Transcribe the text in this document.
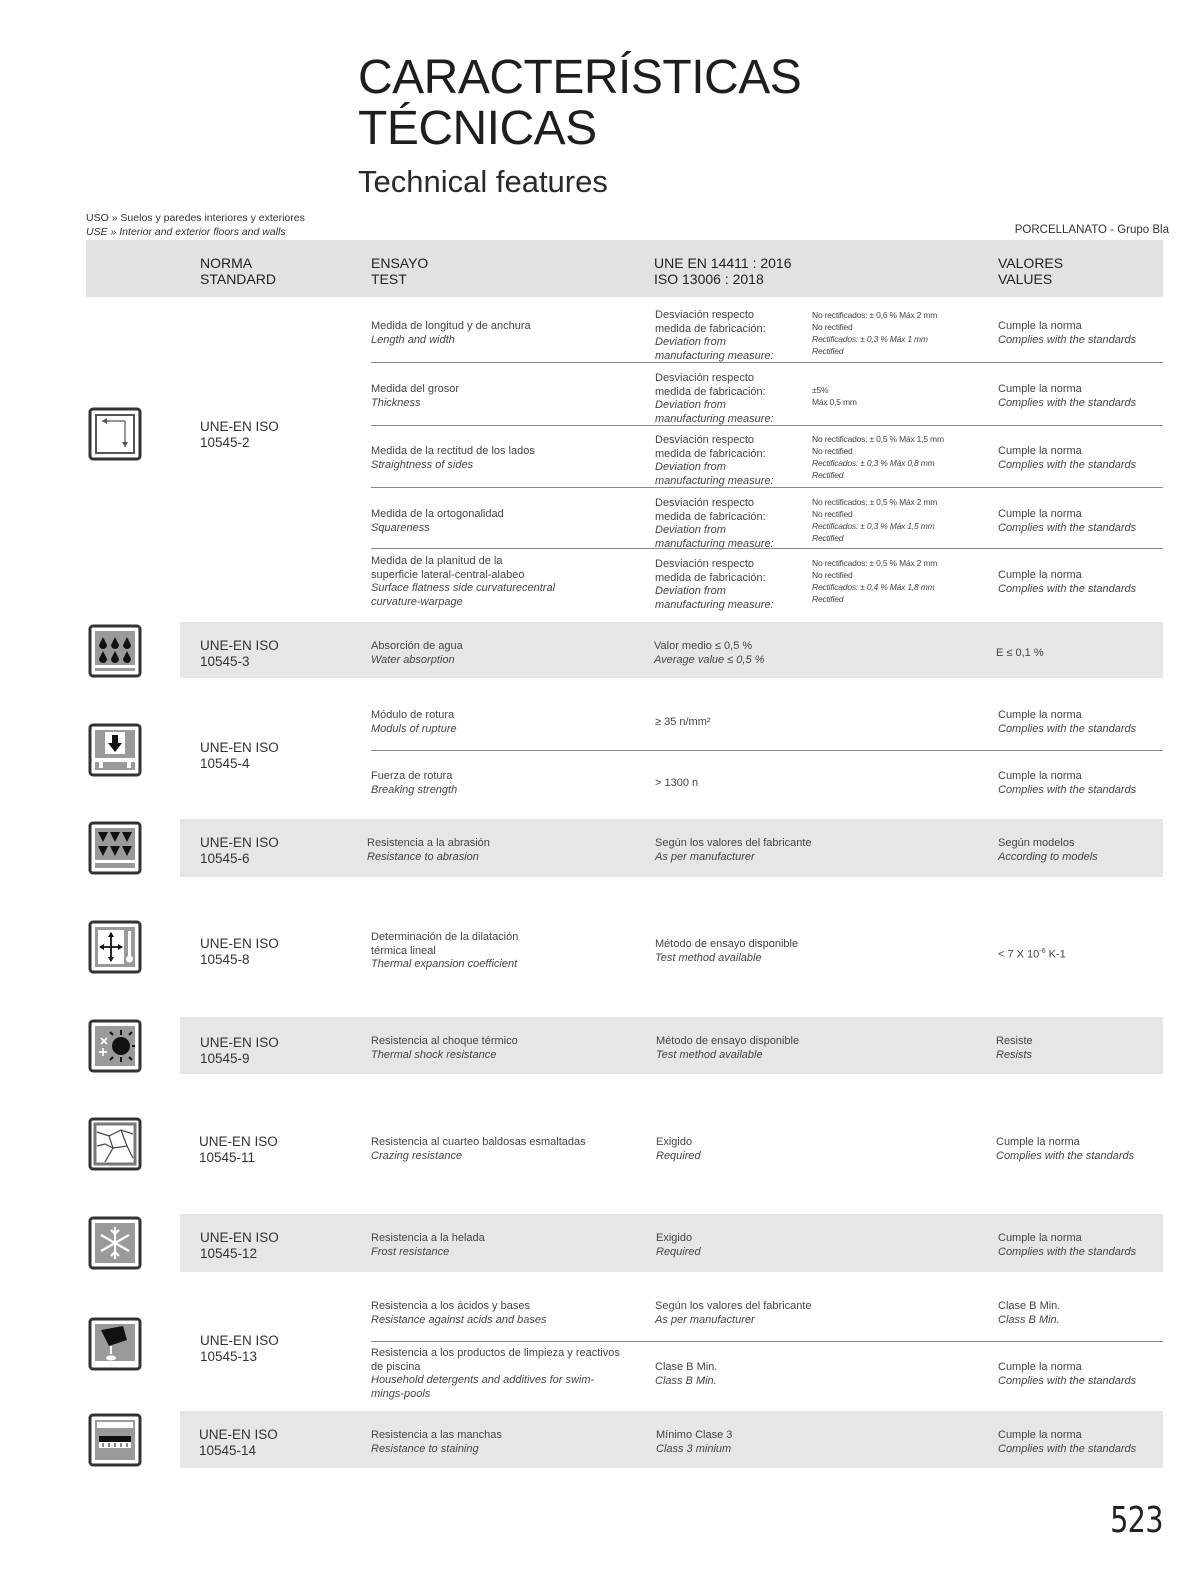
CARACTERÍSTICAS
TÉCNICAS
Technical features
USO » Suelos y paredes interiores y exteriores
USE » Interior and exterior floors and walls	PORCELLANATO - Grupo Bla
NORMA
STANDARD
ENSAYO
TEST
UNE EN 14411 : 2016
ISO 13006 : 2018
VALORES
VALUES
UNE-EN ISO
10545-2
Medida de longitud y de anchura
Length and width
Desviación respecto
medida de fabricación:
Deviation from
manufacturing measure:
No rectificados: ± 0,6 % Máx 2 mm
No rectified
Rectificados: ± 0,3 % Máx 1 mm
Rectified
Cumple la norma
Complies with the standards
Medida del grosor
Thickness
Desviación respecto
medida de fabricación:
Deviation from
manufacturing measure:
±5%
Máx 0,5 mm
Cumple la norma
Complies with the standards
Medida de la rectitud de los lados
Straightness of sides
Desviación respecto
medida de fabricación:
Deviation from
manufacturing measure:
No rectificados: ± 0,5 % Máx 1,5 mm
No rectified
Rectificados: ± 0,3 % Máx 0,8 mm
Rectified
Cumple la norma
Complies with the standards
Medida de la ortogonalidad
Squareness
Desviación respecto
medida de fabricación:
Deviation from
manufacturing measure:
No rectificados: ± 0,5 % Máx 2 mm
No rectified
Rectificados: ± 0,3 % Máx 1,5 mm
Rectified
Cumple la norma
Complies with the standards
Medida de la planitud de la
superficie lateral-central-alabeo
Surface flatness side curvaturecentral
curvature-warpage
Desviación respecto
medida de fabricación:
Deviation from
manufacturing measure:
No rectificados: ± 0,5 % Máx 2 mm
No rectified
Rectificados: ± 0,4 % Máx 1,8 mm
Rectified
Cumple la norma
Complies with the standards
UNE-EN ISO
10545-3
Absorción de agua
Water absorption
Valor medio ≤ 0,5 %
Average value ≤ 0,5 %
E ≤ 0,1 %
UNE-EN ISO
10545-4
Módulo de rotura
Moduls of rupture
≥ 35 n/mm²
Cumple la norma
Complies with the standards
Fuerza de rotura
Breaking strength
> 1300 n
Cumple la norma
Complies with the standards
UNE-EN ISO
10545-6
Resistencia a la abrasión
Resistance to abrasion
Según los valores del fabricante
As per manufacturer
Según modelos
According to models
UNE-EN ISO
10545-8
Determinación de la dilatación
térmica lineal
Thermal expansion coefficient
Método de ensayo disponible
Test method available	< 7 X $10^{-6}$ K-1
UNE-EN ISO
10545-9
Resistencia al choque térmico
Thermal shock resistance
Método de ensayo disponible
Test method available
Resiste
Resists
UNE-EN ISO
10545-11
Resistencia al cuarteo baldosas esmaltadas
Crazing resistance
Exigido
Required
Cumple la norma
Complies with the standards
UNE-EN ISO
10545-12
Resistencia a la helada
Frost resistance
Exigido
Required
Cumple la norma
Complies with the standards
UNE-EN ISO
10545-13
Resistencia a los ácidos y bases
Resistance against acids and bases
Según los valores del fabricante
As per manufacturer
Clase B Min.
Class B Min.
Resistencia a los productos de limpieza y reactivos
de piscina
Household detergents and additives for swim-
mings-pools
Clase B Min.
Class B Min.
Cumple la norma
Complies with the standards
UNE-EN ISO
10545-14
Resistencia a las manchas
Resistance to staining
Mínimo Clase 3
Class 3 minium
Cumple la norma
Complies with the standards
523
